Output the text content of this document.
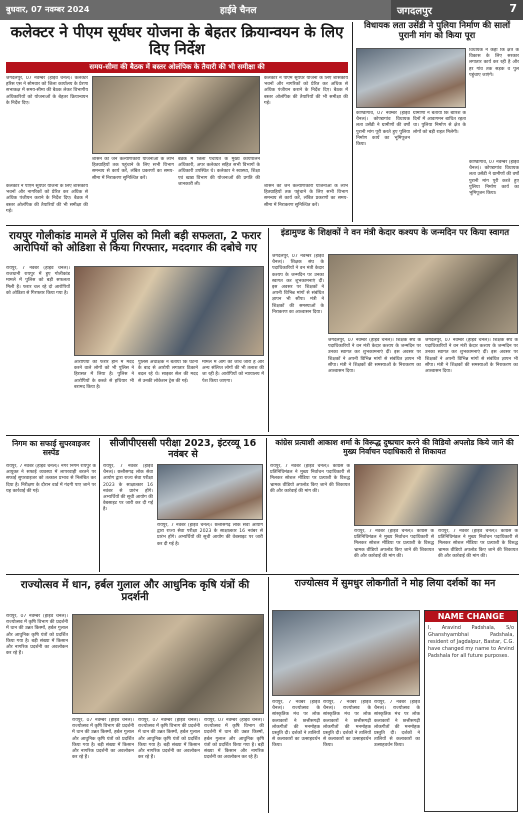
बुधवार, 07 नवम्बर 2024	हाईवे चैनल	जगदलपुर	7
कलेक्टर ने पीएम सूर्यघर योजना के बेहतर क्रियान्वयन के लिए दिए निर्देश
समय-सीमा की बैठक में बस्तर ओलंपिक के तैयारी की भी समीक्षा की
जगदलपुर, 07 नवम्बर (हाईवे चैनल)। कलेक्टर हरिस एस ने सोमवार को जिला कार्यालय के प्रेरणा सभाकक्ष में समय-सीमा की बैठक लेकर विभागीय अधिकारियों को योजनाओं के बेहतर क्रियान्वयन के निर्देश दिए।
कलेक्टर ने पीएम सूर्यघर योजना के लिए शासकीय भवनों और नागरिकों को प्रेरित कर अधिक से अधिक पंजीयन कराने के निर्देश दिए। बैठक में बस्तर ओलंपिक की तैयारियों की भी समीक्षा की गई।
शासन की जन कल्याणकारी योजनाओं के लाभ हितग्राहियों तक पहुंचाने के लिए सभी विभाग समन्वय से कार्य करें, लंबित प्रकरणों का समय-सीमा में निराकरण सुनिश्चित करें।
बैठक में जिला पंचायत के मुख्य कार्यपालन अधिकारी, अपर कलेक्टर सहित सभी विभागों के अधिकारी उपस्थित थे। कलेक्टर ने स्वास्थ्य, शिक्षा एवं खाद्य विभाग की योजनाओं की प्रगति की जानकारी ली।
कलेक्टर ने पीएम सूर्यघर योजना के लिए शासकीय भवनों और नागरिकों को प्रेरित कर अधिक से अधिक पंजीयन कराने के निर्देश दिए। बैठक में बस्तर ओलंपिक की तैयारियों की भी समीक्षा की गई।
शासन की जन कल्याणकारी योजनाओं के लाभ हितग्राहियों तक पहुंचाने के लिए सभी विभाग समन्वय से कार्य करें, लंबित प्रकरणों का समय-सीमा में निराकरण सुनिश्चित करें।
विधायक लता उसेंडी ने पुलिया निर्माण की सालों पुरानी मांग को किया पूरा
विधायक ने कहा कि क्षेत्र के विकास के लिए सरकार लगातार कार्य कर रही है और हर गांव तक सड़क व पुल पहुंचाए जाएंगे।
कोण्डागांव, 07 नवम्बर (हाईवे चैनल)। कोण्डागांव विधायक लता उसेंडी ने ग्रामीणों की वर्षों पुरानी मांग पूरी करते हुए पुलिया निर्माण कार्य का भूमिपूजन किया।
ग्रामीणों ने बताया कि बारिश के दिनों में आवागमन बाधित रहता था। पुलिया निर्माण से क्षेत्र के लोगों को बड़ी राहत मिलेगी।
कोण्डागांव, 07 नवम्बर (हाईवे चैनल)। कोण्डागांव विधायक लता उसेंडी ने ग्रामीणों की वर्षों पुरानी मांग पूरी करते हुए पुलिया निर्माण कार्य का भूमिपूजन किया।
रायपुर गोलीकांड मामले में पुलिस को मिली बड़ी सफलता, 2 फरार आरोपियों को ओडिशा से किया गिरफ्तार, मददगार की दबोचे गए
रायपुर, 7 नवंबर (हाईवे चैनल)। राजधानी रायपुर में हुए गोलीकांड मामले में पुलिस को बड़ी सफलता मिली है। फरार चल रहे दो आरोपियों को ओडिशा से गिरफ्तार किया गया है।
आरोपियों को फरार होने में मदद करने वाले लोगों को भी पुलिस ने हिरासत में लिया है। पुलिस ने आरोपियों के कब्जे से हथियार भी बरामद किया है।
पुलिस अधीक्षक ने बताया कि घटना के बाद से आरोपी लगातार ठिकाने बदल रहे थे। साइबर सेल की मदद से उनकी लोकेशन ट्रेस की गई।
मामले में आगे की जांच जारी है और अन्य संलिप्त लोगों की भी तलाश की जा रही है। आरोपियों को न्यायालय में पेश किया जाएगा।
इंडामुण्ड के शिक्षकों ने वन मंत्री केदार कश्यप के जन्मदिन पर किया स्वागत
जगदलपुर, 07 नवम्बर (हाईवे चैनल)। शिक्षक संघ के पदाधिकारियों ने वन मंत्री केदार कश्यप के जन्मदिन पर उनका स्वागत कर शुभकामनाएं दीं। इस अवसर पर शिक्षकों ने अपनी विभिन्न मांगों से संबंधित ज्ञापन भी सौंपा। मंत्री ने शिक्षकों की समस्याओं के निराकरण का आश्वासन दिया।
जगदलपुर, 07 नवम्बर (हाईवे चैनल)। शिक्षक संघ के पदाधिकारियों ने वन मंत्री केदार कश्यप के जन्मदिन पर उनका स्वागत कर शुभकामनाएं दीं। इस अवसर पर शिक्षकों ने अपनी विभिन्न मांगों से संबंधित ज्ञापन भी सौंपा। मंत्री ने शिक्षकों की समस्याओं के निराकरण का आश्वासन दिया।
जगदलपुर, 07 नवम्बर (हाईवे चैनल)। शिक्षक संघ के पदाधिकारियों ने वन मंत्री केदार कश्यप के जन्मदिन पर उनका स्वागत कर शुभकामनाएं दीं। इस अवसर पर शिक्षकों ने अपनी विभिन्न मांगों से संबंधित ज्ञापन भी सौंपा। मंत्री ने शिक्षकों की समस्याओं के निराकरण का आश्वासन दिया।
निगम का सफाई सुपरवाइजर सस्पेंड
रायपुर, 7 नवंबर (हाईवे चैनल)। नगर निगम रायपुर के आयुक्त ने सफाई व्यवस्था में लापरवाही बरतने पर सफाई सुपरवाइजर को तत्काल प्रभाव से निलंबित कर दिया है। निरीक्षण के दौरान वार्ड में गंदगी पाए जाने पर यह कार्रवाई की गई।
सीजीपीएससी परीक्षा 2023, इंटरव्यू 16 नवंबर से
रायपुर, 7 नवंबर (हाईवे चैनल)। छत्तीसगढ़ लोक सेवा आयोग द्वारा राज्य सेवा परीक्षा 2023 के साक्षात्कार 16 नवंबर से प्रारंभ होंगे। अभ्यर्थियों की सूची आयोग की वेबसाइट पर जारी कर दी गई है।
रायपुर, 7 नवंबर (हाईवे चैनल)। छत्तीसगढ़ लोक सेवा आयोग द्वारा राज्य सेवा परीक्षा 2023 के साक्षात्कार 16 नवंबर से प्रारंभ होंगे। अभ्यर्थियों की सूची आयोग की वेबसाइट पर जारी कर दी गई है।
कांग्रेस प्रत्याशी आकाश शर्मा के विरूद्ध दुष्प्रचार करने की विडियो अपलोड किये जाने की मुख्य निर्वाचन पदाधिकारी से शिकायत
रायपुर, 7 नवंबर (हाईवे चैनल)। कांग्रेस के प्रतिनिधिमंडल ने मुख्य निर्वाचन पदाधिकारी से मिलकर सोशल मीडिया पर प्रत्याशी के विरुद्ध भ्रामक वीडियो अपलोड किए जाने की शिकायत की और कार्रवाई की मांग की।
रायपुर, 7 नवंबर (हाईवे चैनल)। कांग्रेस के प्रतिनिधिमंडल ने मुख्य निर्वाचन पदाधिकारी से मिलकर सोशल मीडिया पर प्रत्याशी के विरुद्ध भ्रामक वीडियो अपलोड किए जाने की शिकायत की और कार्रवाई की मांग की।
रायपुर, 7 नवंबर (हाईवे चैनल)। कांग्रेस के प्रतिनिधिमंडल ने मुख्य निर्वाचन पदाधिकारी से मिलकर सोशल मीडिया पर प्रत्याशी के विरुद्ध भ्रामक वीडियो अपलोड किए जाने की शिकायत की और कार्रवाई की मांग की।
राज्योत्सव में धान, हर्बल गुलाल और आधुनिक कृषि यंत्रों की प्रदर्शनी
रायपुर, 07 नवम्बर (हाईवे चैनल)। राज्योत्सव में कृषि विभाग की प्रदर्शनी में धान की उन्नत किस्मों, हर्बल गुलाल और आधुनिक कृषि यंत्रों को प्रदर्शित किया गया है। बड़ी संख्या में किसान और नागरिक प्रदर्शनी का अवलोकन कर रहे हैं।
रायपुर, 07 नवम्बर (हाईवे चैनल)। राज्योत्सव में कृषि विभाग की प्रदर्शनी में धान की उन्नत किस्मों, हर्बल गुलाल और आधुनिक कृषि यंत्रों को प्रदर्शित किया गया है। बड़ी संख्या में किसान और नागरिक प्रदर्शनी का अवलोकन कर रहे हैं।
रायपुर, 07 नवम्बर (हाईवे चैनल)। राज्योत्सव में कृषि विभाग की प्रदर्शनी में धान की उन्नत किस्मों, हर्बल गुलाल और आधुनिक कृषि यंत्रों को प्रदर्शित किया गया है। बड़ी संख्या में किसान और नागरिक प्रदर्शनी का अवलोकन कर रहे हैं।
रायपुर, 07 नवम्बर (हाईवे चैनल)। राज्योत्सव में कृषि विभाग की प्रदर्शनी में धान की उन्नत किस्मों, हर्बल गुलाल और आधुनिक कृषि यंत्रों को प्रदर्शित किया गया है। बड़ी संख्या में किसान और नागरिक प्रदर्शनी का अवलोकन कर रहे हैं।
राज्योत्सव में सुमधुर लोकगीतों ने मोह लिया दर्शकों का मन
रायपुर, 7 नवंबर (हाईवे चैनल)। राज्योत्सव के सांस्कृतिक मंच पर लोक कलाकारों ने छत्तीसगढ़ी लोकगीतों की मनमोहक प्रस्तुति दी। दर्शकों ने तालियों से कलाकारों का उत्साहवर्धन किया।
रायपुर, 7 नवंबर (हाईवे चैनल)। राज्योत्सव के सांस्कृतिक मंच पर लोक कलाकारों ने छत्तीसगढ़ी लोकगीतों की मनमोहक प्रस्तुति दी। दर्शकों ने तालियों से कलाकारों का उत्साहवर्धन किया।
रायपुर, 7 नवंबर (हाईवे चैनल)। राज्योत्सव के सांस्कृतिक मंच पर लोक कलाकारों ने छत्तीसगढ़ी लोकगीतों की मनमोहक प्रस्तुति दी। दर्शकों ने तालियों से कलाकारों का उत्साहवर्धन किया।
NAME CHANGE
I, Aravind Padshala, S/o Ghanshyambhai Padshala, resident of Jagdalpur, Bastar, C.G. have changed my name to Arvind Padshala for all future purposes.
